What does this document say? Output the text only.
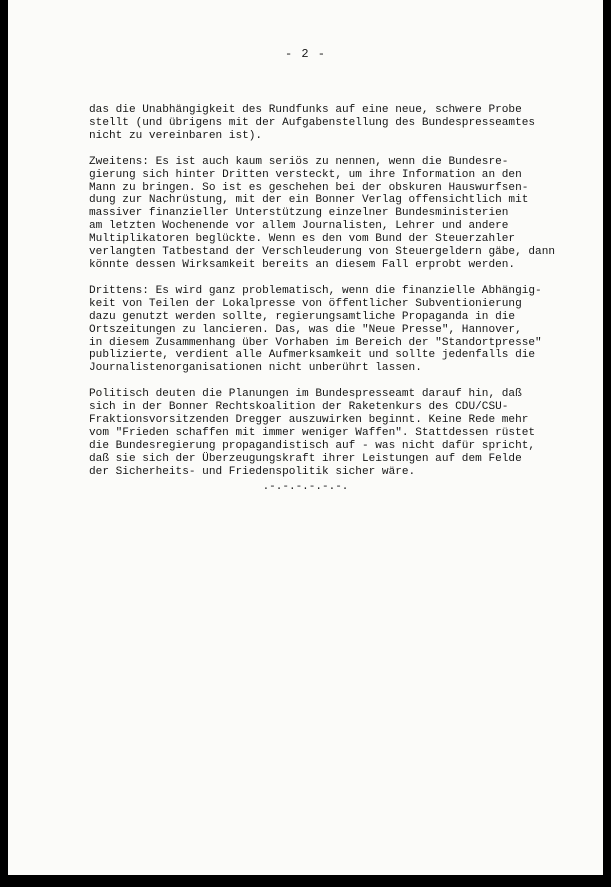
- 2 -

das die Unabhängigkeit des Rundfunks auf eine neue, schwere Probe
stellt (und übrigens mit der Aufgabenstellung des Bundespresseamtes
nicht zu vereinbaren ist).

Zweitens: Es ist auch kaum seriös zu nennen, wenn die Bundesre-
gierung sich hinter Dritten versteckt, um ihre Information an den
Mann zu bringen. So ist es geschehen bei der obskuren Hauswurfsen-
dung zur Nachrüstung, mit der ein Bonner Verlag offensichtlich mit
massiver finanzieller Unterstützung einzelner Bundesministerien
am letzten Wochenende vor allem Journalisten, Lehrer und andere
Multiplikatoren beglückte. Wenn es den vom Bund der Steuerzahler
verlangten Tatbestand der Verschleuderung von Steuergeldern gäbe, dann
könnte dessen Wirksamkeit bereits an diesem Fall erprobt werden.

Drittens: Es wird ganz problematisch, wenn die finanzielle Abhängig-
keit von Teilen der Lokalpresse von öffentlicher Subventionierung
dazu genutzt werden sollte, regierungsamtliche Propaganda in die
Ortszeitungen zu lancieren. Das, was die "Neue Presse", Hannover,
in diesem Zusammenhang über Vorhaben im Bereich der "Standortpresse"
publizierte, verdient alle Aufmerksamkeit und sollte jedenfalls die
Journalistenorganisationen nicht unberührt lassen.

Politisch deuten die Planungen im Bundespresseamt darauf hin, daß
sich in der Bonner Rechtskoalition der Raketenkurs des CDU/CSU-
Fraktionsvorsitzenden Dregger auszuwirken beginnt. Keine Rede mehr
vom "Frieden schaffen mit immer weniger Waffen". Stattdessen rüstet
die Bundesregierung propagandistisch auf - was nicht dafür spricht,
daß sie sich der Überzeugungskraft ihrer Leistungen auf dem Felde
der Sicherheits- und Friedenspolitik sicher wäre.

.-.-.-.-.-.-.
